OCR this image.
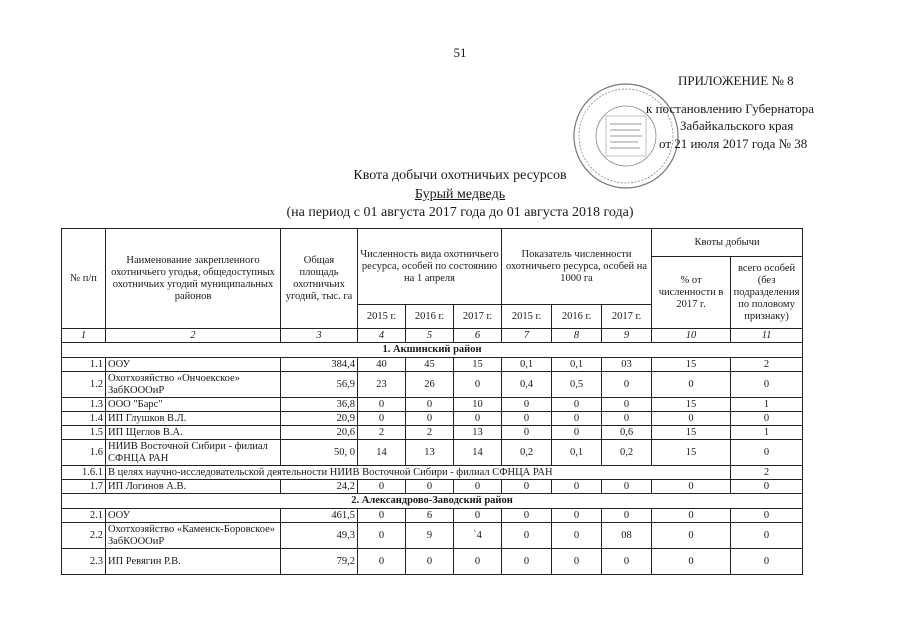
51
ПРИЛОЖЕНИЕ № 8
к постановлению Губернатора
Забайкальского края
от 21 июля 2017 года № 38
Квота добычи охотничьих ресурсов
Бурый медведь
(на период с 01 августа 2017 года до 01 августа 2018 года)
№ п/п	Наименование закрепленного охотничьего угодья, общедоступных охотничьих угодий муниципальных районов	Общая площадь охотничьих угодий, тыс. га	Численность вида охотничьего ресурса, особей по состоянию на 1 апреля			Показатель численности охотничьего ресурса, особей на 1000 га			Квоты добычи	
									% от численности в 2017 г.	всего особей (без подразделения по половому признаку)
			2015 г.	2016 г.	2017 г.	2015 г.	2016 г.	2017 г.		
1	2	3	4	5	6	7	8	9	10	11
1. Акшинский район										
1.1	ООУ	384,4	40	45	15	0,1	0,1	03	15	2
1.2	Охотхозяйство «Ончоекское» ЗабКОООиР	56,9	23	26	0	0,4	0,5	0	0	0
1.3	ООО "Барс"	36,8	0	0	10	0	0	0	15	1
1.4	ИП Глушков В.Л.	20,9	0	0	0	0	0	0	0	0
1.5	ИП Щеглов В.А.	20,6	2	2	13	0	0	0,6	15	1
1.6	НИИВ Восточной Сибири - филиал СФНЦА РАН	50, 0	14	13	14	0,2	0,1	0,2	15	0
1.6.1	В целях научно-исследовательской деятельности НИИВ Восточной Сибири - филиал СФНЦА РАН									2
1.7	ИП Логинов А.В.	24,2	0	0	0	0	0	0	0	0
2. Александрово-Заводский район										
2.1	ООУ	461,5	0	6	0	0	0	0	0	0
2.2	Охотхозяйство «Каменск-Боровское» ЗабКОООиР	49,3	0	9	`4	0	0	08	0	0
2.3	ИП Ревягин Р.В.	79,2	0	0	0	0	0	0	0	0
